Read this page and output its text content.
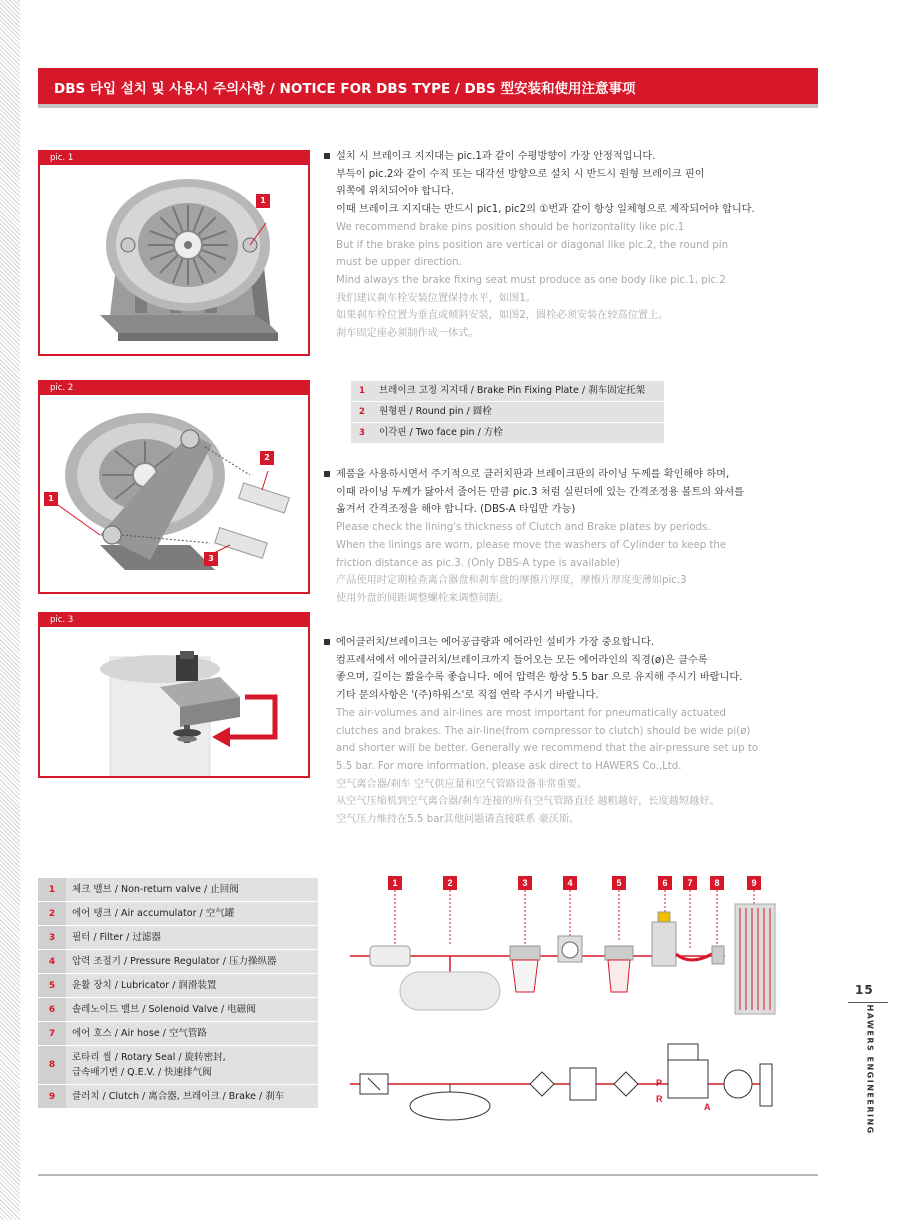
DBS 타입 설치 및 사용시 주의사항 / NOTICE FOR DBS TYPE / DBS 型安装和使用注意事项
pic. 1
1
pic. 2
1
2
3
pic. 3
설치 시 브레이크 지지대는 pic.1과 같이 수평방향이 가장 안정적입니다.
부득이 pic.2와 같이 수직 또는 대각선 방향으로 설치 시 반드시 원형 브레이크 핀이
위쪽에 위치되어야 합니다.
이때 브레이크 지지대는 반드시 pic1, pic2의 ①번과 같이 항상 일체형으로 제작되어야 합니다.
We recommend brake pins position should be horizontality like pic.1
But if the brake pins position are vertical or diagonal like pic.2, the round pin
must be upper direction.
Mind always the brake fixing seat must produce as one body like pic.1, pic.2
我们建议刹车栓安装位置保持水平，如图1。
如果刹车栓位置为垂直或倾斜安装，如图2，圆栓必须安装在较高位置上。
刹车固定座必须制作成一体式。
1	브레이크 고정 지지대 / Brake Pin Fixing Plate / 刹车固定托架
2	원형핀 / Round pin / 圆栓
3	이각핀 / Two face pin / 方栓
제품을 사용하시면서 주기적으로 클러치판과 브레이크판의 라이닝 두께를 확인해야 하며,
이때 라이닝 두께가 닳아서 줄어든 만큼 pic.3 처럼 실린더에 있는 간격조정용 볼트의 와셔를
옮겨서 간격조정을 해야 합니다. (DBS-A 타입만 가능)
Please check the lining's thickness of Clutch and Brake plates by periods.
When the linings are worn, please move the washers of Cylinder to keep the
friction distance as pic.3. (Only DBS-A type is available)
产品使用时定期检查离合器盘和刹车盘的摩擦片厚度，摩擦片厚度变薄如pic.3
使用外盘的间距调整螺栓来调整间距。
에어클러치/브레이크는 에어공급량과 에어라인 설비가 가장 중요합니다.
컴프레셔에서 에어클러치/브레이크까지 들어오는 모든 에어라인의 직경(ø)은 클수록
좋으며, 길이는 짧을수록 좋습니다. 에어 압력은 항상 5.5 bar 으로 유지해 주시기 바랍니다.
기타 문의사항은 '(주)하워스'로 직접 연락 주시기 바랍니다.
The air-volumes and air-lines are most important for pneumatically actuated
clutches and brakes. The air-line(from compressor to clutch) should be wide pi(ø)
and shorter will be better. Generally we recommend that the air-pressure set up to
5.5 bar. For more information, please ask direct to HAWERS Co.,Ltd.
空气离合器/刹车 空气供应量和空气管路设备非常重要。
从空气压缩机到空气离合器/刹车连接的所有空气管路直径 越粗越好，长度越短越好。
空气压力维持在5.5 bar其他问题请直接联系 豪沃斯。
1	체크 밸브 / Non-return valve / 止回阀
2	에어 탱크 / Air accumulator / 空气罐
3	필터 / Filter / 过滤器
4	압력 조절기 / Pressure Regulator / 压力操纵器
5	윤활 장치 / Lubricator / 润滑装置
6	솔레노이드 밸브 / Solenoid Valve / 电磁阀
7	에어 호스 / Air hose / 空气管路
8
로타리 씰 / Rotary Seal / 旋转密封,
급속배기변 / Q.E.V. / 快速排气阀
9	클러치 / Clutch / 离合器, 브레이크 / Brake / 刹车
1	2	3	4	5	6 7 8	9
P
R
A
15
HAWERS ENGINEERING
